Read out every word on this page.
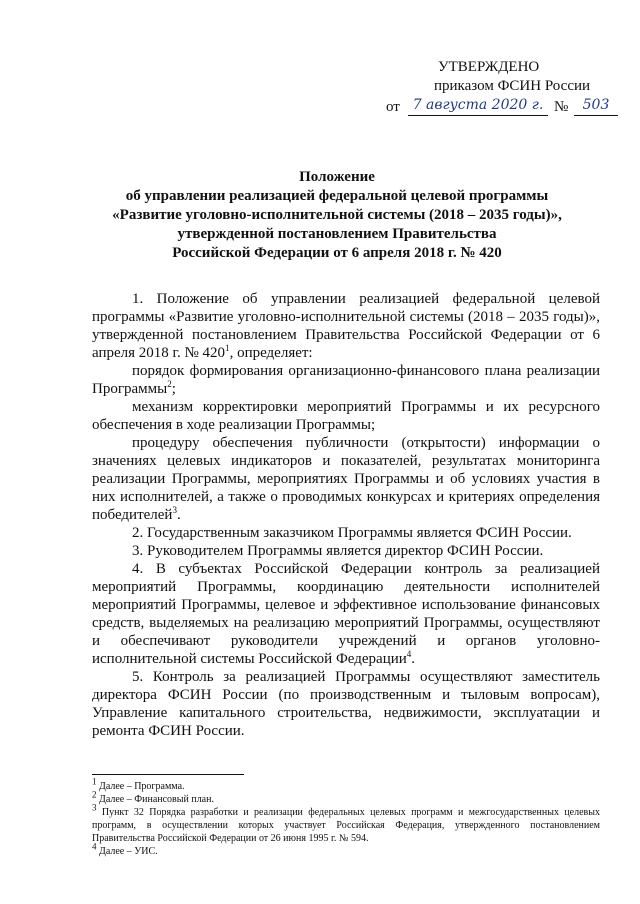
УТВЕРЖДЕНО
приказом ФСИН России
от 7 августа 2020 г. №	503
Положение
об управлении реализацией федеральной целевой программы
«Развитие уголовно-исполнительной системы (2018 – 2035 годы)»,
утвержденной постановлением Правительства
Российской Федерации от 6 апреля 2018 г. № 420

1. Положение об управлении реализацией федеральной целевой программы «Развитие уголовно-исполнительной системы (2018 – 2035 годы)», утвержденной постановлением Правительства Российской Федерации от 6 апреля 2018 г. № $420^1$, определяет:

порядок формирования организационно-финансового плана реализации Программы$^2$;

механизм корректировки мероприятий Программы и их ресурсного обеспечения в ходе реализации Программы;

процедуру обеспечения публичности (открытости) информации о значениях целевых индикаторов и показателей, результатах мониторинга реализации Программы, мероприятиях Программы и об условиях участия в них исполнителей, а также о проводимых конкурсах и критериях определения победителей$^3$.

2. Государственным заказчиком Программы является ФСИН России.

3. Руководителем Программы является директор ФСИН России.

4. В субъектах Российской Федерации контроль за реализацией мероприятий Программы, координацию деятельности исполнителей мероприятий Программы, целевое и эффективное использование финансовых средств, выделяемых на реализацию мероприятий Программы, осуществляют и обеспечивают руководители учреждений и органов уголовно-исполнительной системы Российской Федерации$^4$.

5. Контроль за реализацией Программы осуществляют заместитель директора ФСИН России (по производственным и тыловым вопросам), Управление капитального строительства, недвижимости, эксплуатации и ремонта ФСИН России.

$^1$ Далее – Программа.
$^2$ Далее – Финансовый план.
$^3$ Пункт 32 Порядка разработки и реализации федеральных целевых программ и межгосударственных целевых программ, в осуществлении которых участвует Российская Федерация, утвержденного постановлением Правительства Российской Федерации от 26 июня 1995 г. № 594.
$^4$ Далее – УИС.
